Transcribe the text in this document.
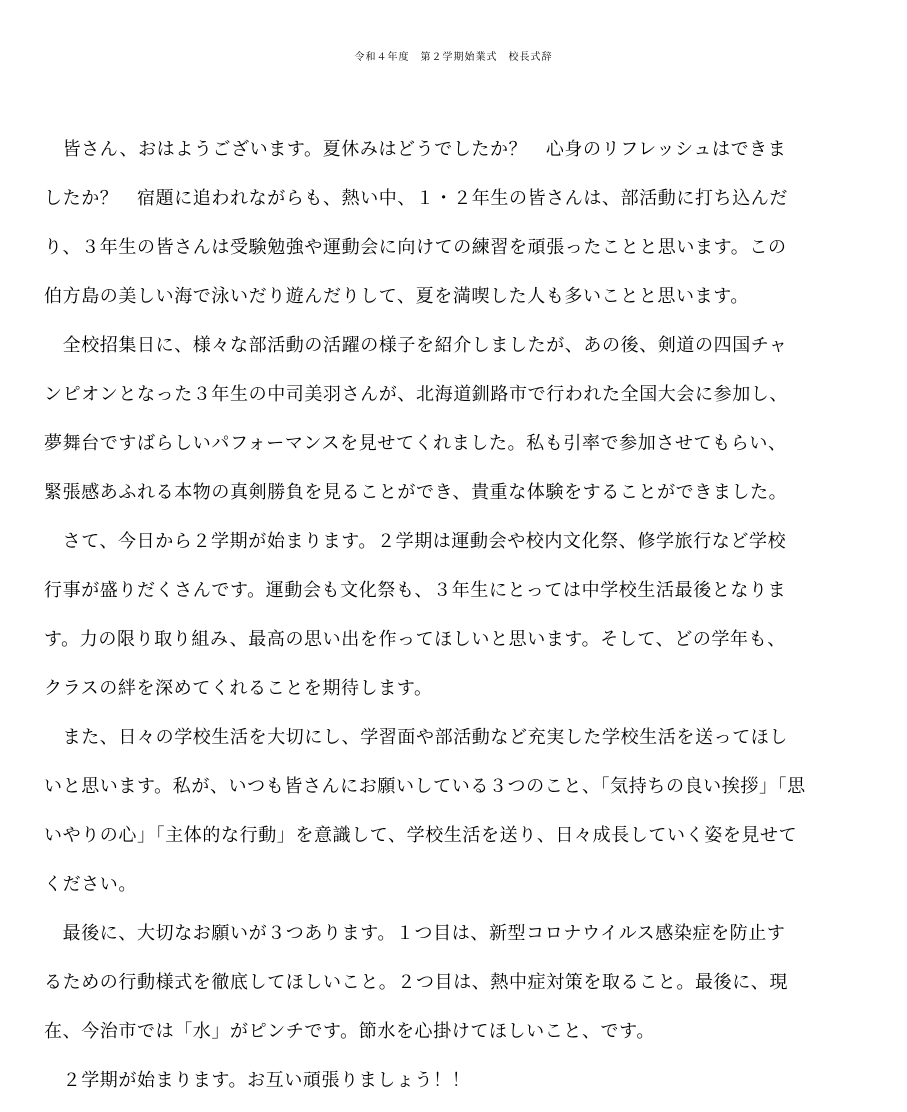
令和４年度　第２学期始業式　校長式辞
　皆さん、おはようございます。夏休みはどうでしたか？　心身のリフレッシュはできま
したか？　宿題に追われながらも、熱い中、１・２年生の皆さんは、部活動に打ち込んだ
り、３年生の皆さんは受験勉強や運動会に向けての練習を頑張ったことと思います。この
伯方島の美しい海で泳いだり遊んだりして、夏を満喫した人も多いことと思います。
　全校招集日に、様々な部活動の活躍の様子を紹介しましたが、あの後、剣道の四国チャ
ンピオンとなった３年生の中司美羽さんが、北海道釧路市で行われた全国大会に参加し、
夢舞台ですばらしいパフォーマンスを見せてくれました。私も引率で参加させてもらい、
緊張感あふれる本物の真剣勝負を見ることができ、貴重な体験をすることができました。
　さて、今日から２学期が始まります。２学期は運動会や校内文化祭、修学旅行など学校
行事が盛りだくさんです。運動会も文化祭も、３年生にとっては中学校生活最後となりま
す。力の限り取り組み、最高の思い出を作ってほしいと思います。そして、どの学年も、
クラスの絆を深めてくれることを期待します。
　また、日々の学校生活を大切にし、学習面や部活動など充実した学校生活を送ってほし
いと思います。私が、いつも皆さんにお願いしている３つのこと、「気持ちの良い挨拶」「思
いやりの心」「主体的な行動」を意識して、学校生活を送り、日々成長していく姿を見せて
ください。
　最後に、大切なお願いが３つあります。１つ目は、新型コロナウイルス感染症を防止す
るための行動様式を徹底してほしいこと。２つ目は、熱中症対策を取ること。最後に、現
在、今治市では「水」がピンチです。節水を心掛けてほしいこと、です。
　２学期が始まります。お互い頑張りましょう！！
